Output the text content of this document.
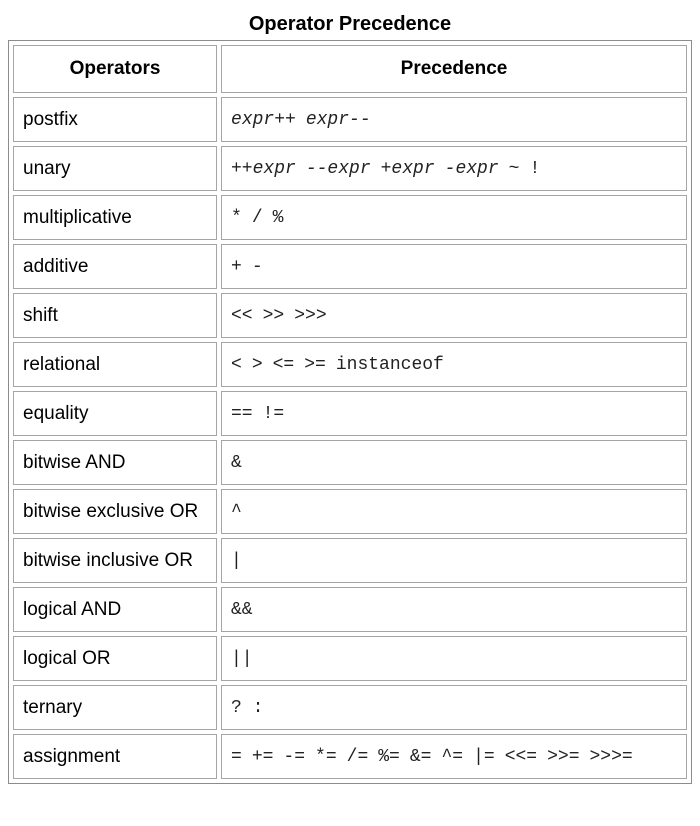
Operator Precedence
Operators	Precedence
postfix	expr++ expr--
unary	++expr --expr +expr -expr ~ !
multiplicative	* / %
additive	+ -
shift	<< >> >>>
relational	< > <= >= instanceof
equality	== !=
bitwise AND	&
bitwise exclusive OR	^
bitwise inclusive OR	|
logical AND	&&
logical OR	||
ternary	? :
assignment	= += -= *= /= %= &= ^= |= <<= >>= >>>=
